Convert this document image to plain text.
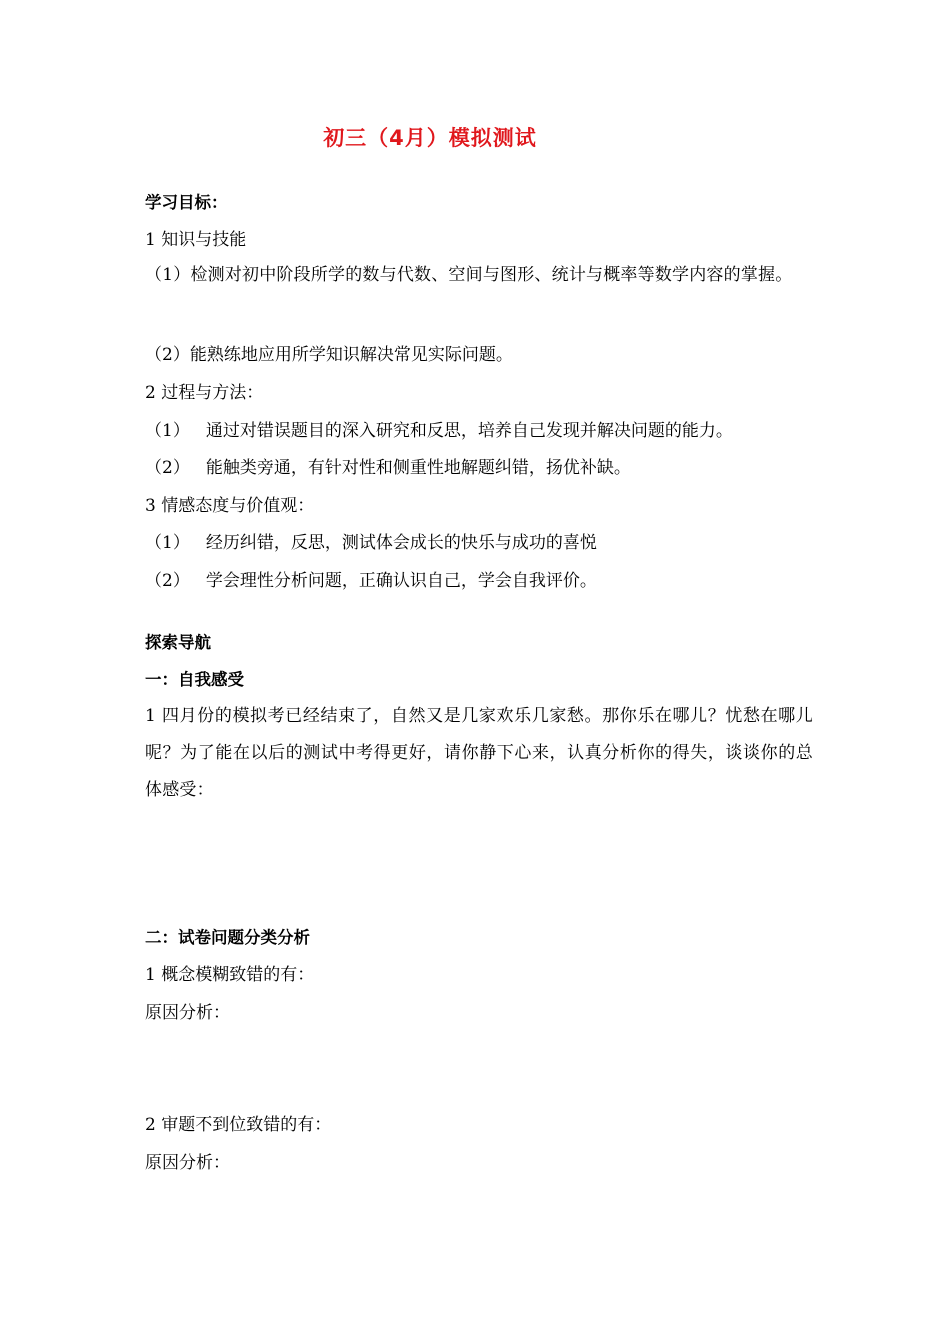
初三（4月）模拟测试
学习目标：
1 知识与技能
（1）检测对初中阶段所学的数与代数、空间与图形、统计与概率等数学内容的掌握。
（2）能熟练地应用所学知识解决常见实际问题。
2 过程与方法：
（1） 通过对错误题目的深入研究和反思，培养自己发现并解决问题的能力。
（2） 能触类旁通，有针对性和侧重性地解题纠错，扬优补缺。
3 情感态度与价值观：
（1） 经历纠错，反思，测试体会成长的快乐与成功的喜悦
（2） 学会理性分析问题，正确认识自己，学会自我评价。
探索导航
一：自我感受
1 四月份的模拟考已经结束了，自然又是几家欢乐几家愁。那你乐在哪儿？忧愁在哪儿呢？为了能在以后的测试中考得更好，请你静下心来，认真分析你的得失，谈谈你的总体感受：
二：试卷问题分类分析
1 概念模糊致错的有：
原因分析：
2 审题不到位致错的有：
原因分析：
